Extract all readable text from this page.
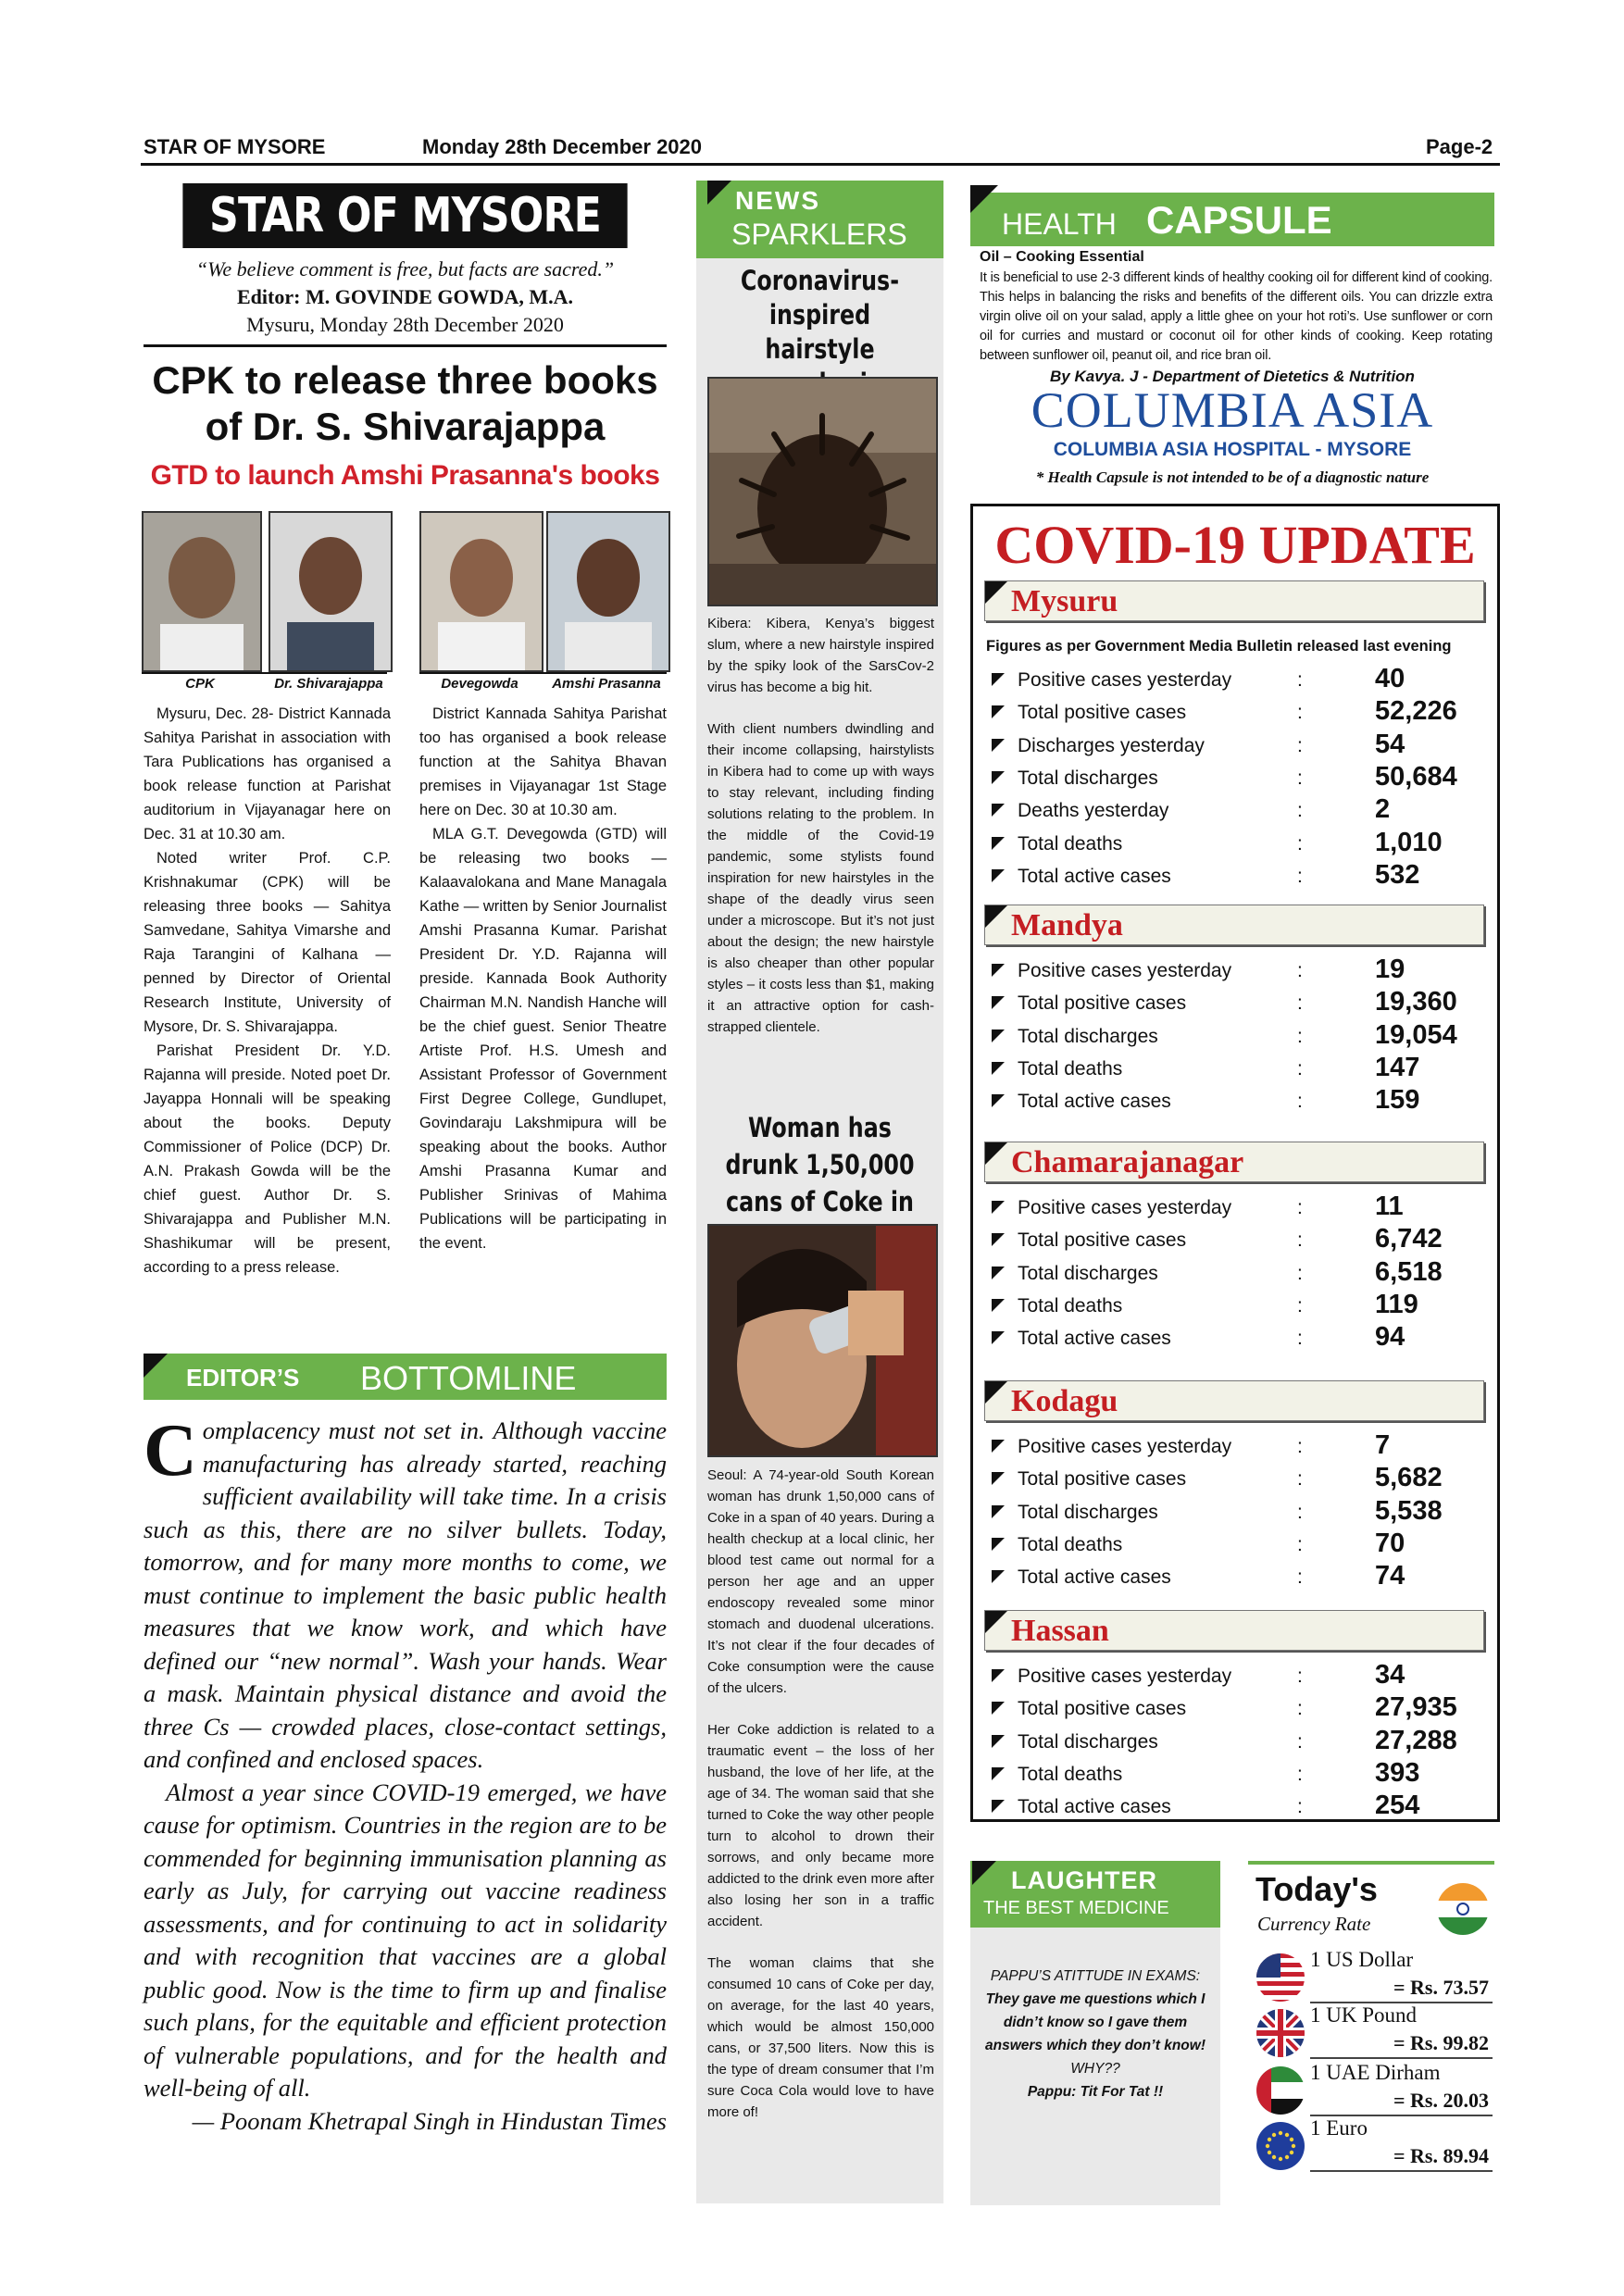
STAR OF MYSORE	Monday 28th December 2020	Page-2
STAR OF MYSORE
“We believe comment is free, but facts are sacred.”
Editor: M. GOVINDE GOWDA, M.A.
Mysuru, Monday 28th December 2020
CPK to release three books
of Dr. S. Shivarajappa
GTD to launch Amshi Prasanna's books
CPK	Dr. Shivarajappa	Devegowda	Amshi Prasanna

Mysuru, Dec. 28- District Kannada Sahitya Parishat in association with Tara Publications has organised a book release function at Parishat auditorium in Vijayanagar here on Dec. 31 at 10.30 am.

Noted writer Prof. C.P. Krishnakumar (CPK) will be releasing three books — Sahitya Samvedane, Sahitya Vimarshe and Raja Tarangini of Kalhana — penned by Director of Oriental Research Institute, University of Mysore, Dr. S. Shivarajappa.

Parishat President Dr. Y.D. Rajanna will preside. Noted poet Dr. Jayappa Honnali will be speaking about the books. Deputy Commissioner of Police (DCP) Dr. A.N. Prakash Gowda will be the chief guest. Author Dr. S. Shivarajappa and Publisher M.N. Shashikumar will be present, according to a press release.

District Kannada Sahitya Parishat too has organised a book release function at the Sahitya Bhavan premises in Vijayanagar 1st Stage here on Dec. 30 at 10.30 am.

MLA G.T. Devegowda (GTD) will be releasing two books — Kalaavalokana and Mane Managala Kathe — written by Senior Journalist Amshi Prasanna Kumar. Parishat President Dr. Y.D. Rajanna will preside. Kannada Book Authority Chairman M.N. Nandish Hanche will be the chief guest. Senior Theatre Artiste Prof. H.S. Umesh and Assistant Professor of Government First Degree College, Gundlupet, Govindaraju Lakshmipura will be speaking about the books. Author Amshi Prasanna Kumar and Publisher Srinivas of Mahima Publications will be participating in the event.

EDITOR’S BOTTOMLINE
C omplacency must not set in. Although vaccine manufacturing has already started, reaching sufficient availability will take time. In a crisis such as this, there are no silver bullets. Today, tomorrow, and for many more months to come, we must continue to implement the basic public health measures that we know work, and which have defined our “new normal”. Wash your hands. Wear a mask. Maintain physical distance and avoid the three Cs — crowded places, close-contact settings, and confined and enclosed spaces.
Almost a year since COVID-19 emerged, we have cause for optimism. Countries in the region are to be commended for beginning immunisation planning as early as July, for carrying out vaccine readiness assessments, and for continuing to act in solidarity and with recognition that vaccines are a global public good. Now is the time to firm up and finalise such plans, for the equitable and efficient protection of vulnerable populations, and for the health and well-being of all.
— Poonam Khetrapal Singh in Hindustan Times
NEWS
SPARKLERS
Coronavirus-inspired hairstyle

Kibera: Kibera, Kenya’s biggest slum, where a new hairstyle inspired by the spiky look of the SarsCov-2 virus has become a big hit.

With client numbers dwindling and their income collapsing, hairstylists in Kibera had to come up with ways to stay relevant, including finding solutions relating to the problem. In the middle of the Covid-19 pandemic, some stylists found inspiration for new hairstyles in the shape of the deadly virus seen under a microscope. But it’s not just about the design; the new hairstyle is also cheaper than other popular styles – it costs less than $1, making it an attractive option for cash-strapped clientele.

Woman has drunk 1,50,000 cans of Coke in

Seoul: A 74-year-old South Korean woman has drunk 1,50,000 cans of Coke in a span of 40 years. During a health checkup at a local clinic, her blood test came out normal for a person her age and an upper endoscopy revealed some minor stomach and duodenal ulcerations. It’s not clear if the four decades of Coke consumption were the cause of the ulcers.

Her Coke addiction is related to a traumatic event – the loss of her husband, the love of her life, at the age of 34. The woman said that she turned to Coke the way other people turn to alcohol to drown their sorrows, and only became more addicted to the drink even more after also losing her son in a traffic accident.

The woman claims that she consumed 10 cans of Coke per day, on average, for the last 40 years, which would be almost 150,000 cans, or 37,500 liters. Now this is the type of dream consumer that I’m sure Coca Cola would love to have more of!

HEALTH CAPSULE
Oil – Cooking Essential
It is beneficial to use 2-3 different kinds of healthy cooking oil for different kind of cooking. This helps in balancing the risks and benefits of the different oils. You can drizzle extra virgin olive oil on your salad, apply a little ghee on your hot roti’s. Use sunflower or corn oil for curries and mustard or coconut oil for other kinds of cooking. Keep rotating between sunflower oil, peanut oil, and rice bran oil.
By Kavya. J - Department of Dietetics & Nutrition
COLUMBIA ASIA
COLUMBIA ASIA HOSPITAL - MYSORE
* Health Capsule is not intended to be of a diagnostic nature
COVID-19 UPDATE
Mysuru
Figures as per Government Media Bulletin released last evening
Positive cases yesterday	:	40
Total positive cases	:	52,226
Discharges yesterday	:	54
Total discharges	:	50,684
Deaths yesterday	:	2
Total deaths	:	1,010
Total active cases	:	532
Mandya
Positive cases yesterday	:	19
Total positive cases	:	19,360
Total discharges	:	19,054
Total deaths	:	147
Total active cases	:	159
Chamarajanagar
Positive cases yesterday	:	11
Total positive cases	:	6,742
Total discharges	:	6,518
Total deaths	:	119
Total active cases	:	94
Kodagu
Positive cases yesterday	:	7
Total positive cases	:	5,682
Total discharges	:	5,538
Total deaths	:	70
Total active cases	:	74
Hassan
Positive cases yesterday	:	34
Total positive cases	:	27,935
Total discharges	:	27,288
Total deaths	:	393
Total active cases	:	254
LAUGHTER
THE BEST MEDICINE
PAPPU’S ATITTUDE IN EXAMS:
They gave me questions which I didn’t know so I gave them answers which they don’t know!
WHY??
Pappu: Tit For Tat !!
Today's
Currency Rate
1 US Dollar
= Rs. 73.57
1 UK Pound
= Rs. 99.82
1 UAE Dirham
= Rs. 20.03
1 Euro
= Rs. 89.94
